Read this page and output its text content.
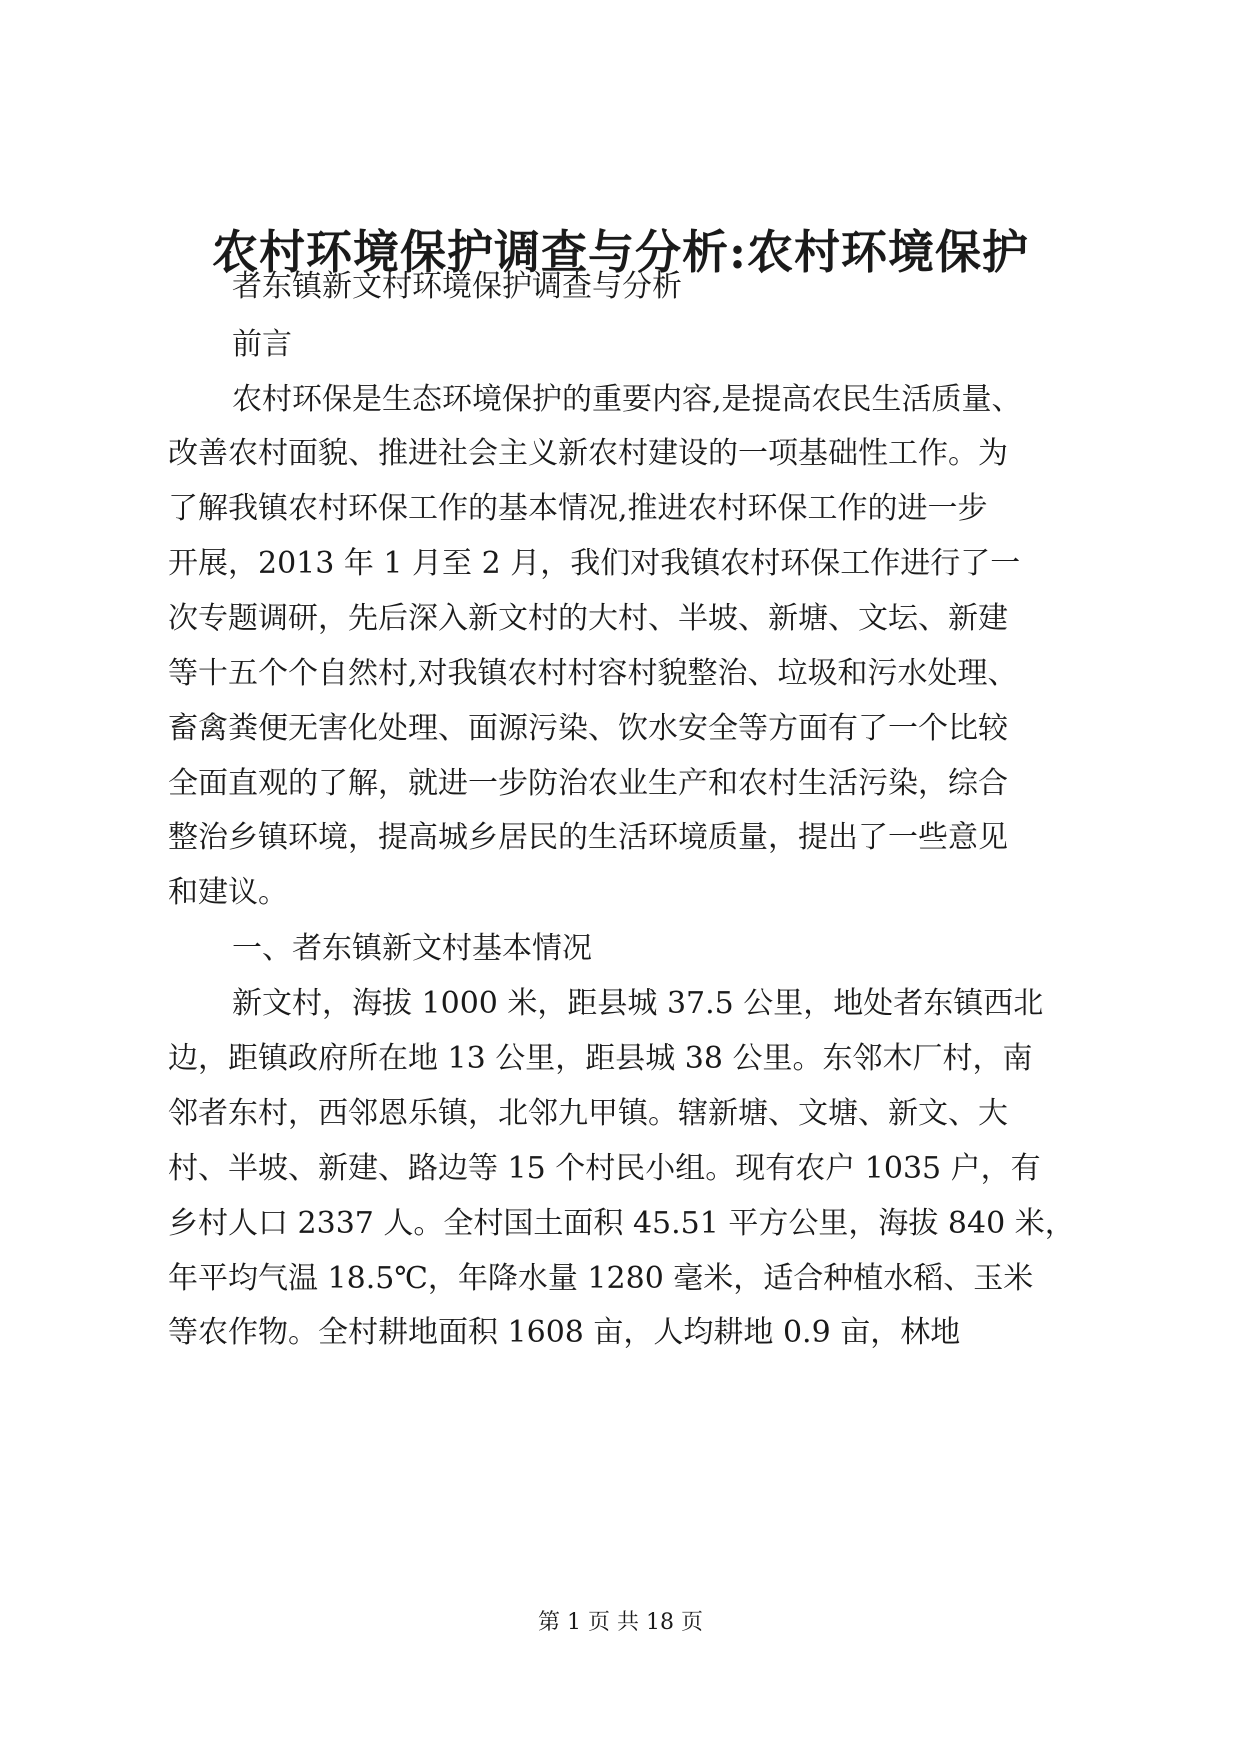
农村环境保护调查与分析:农村环境保护
者东镇新文村环境保护调查与分析
前言
农村环保是生态环境保护的重要内容,是提高农民生活质量、
改善农村面貌、推进社会主义新农村建设的一项基础性工作。为
了解我镇农村环保工作的基本情况,推进农村环保工作的进一步
开展，2013 年 1 月至 2 月，我们对我镇农村环保工作进行了一
次专题调研，先后深入新文村的大村、半坡、新塘、文坛、新建
等十五个个自然村,对我镇农村村容村貌整治、垃圾和污水处理、
畜禽粪便无害化处理、面源污染、饮水安全等方面有了一个比较
全面直观的了解，就进一步防治农业生产和农村生活污染，综合
整治乡镇环境，提高城乡居民的生活环境质量，提出了一些意见
和建议。
一、者东镇新文村基本情况
新文村，海拔 1000 米，距县城 37.5 公里，地处者东镇西北
边，距镇政府所在地 13 公里，距县城 38 公里。东邻木厂村，南
邻者东村，西邻恩乐镇，北邻九甲镇。辖新塘、文塘、新文、大
村、半坡、新建、路边等 15 个村民小组。现有农户 1035 户，有
乡村人口 2337 人。全村国土面积 45.51 平方公里，海拔 840 米，
年平均气温 18.5℃，年降水量 1280 毫米，适合种植水稻、玉米
等农作物。全村耕地面积 1608 亩，人均耕地 0.9 亩，林地
第 1 页 共 18 页
